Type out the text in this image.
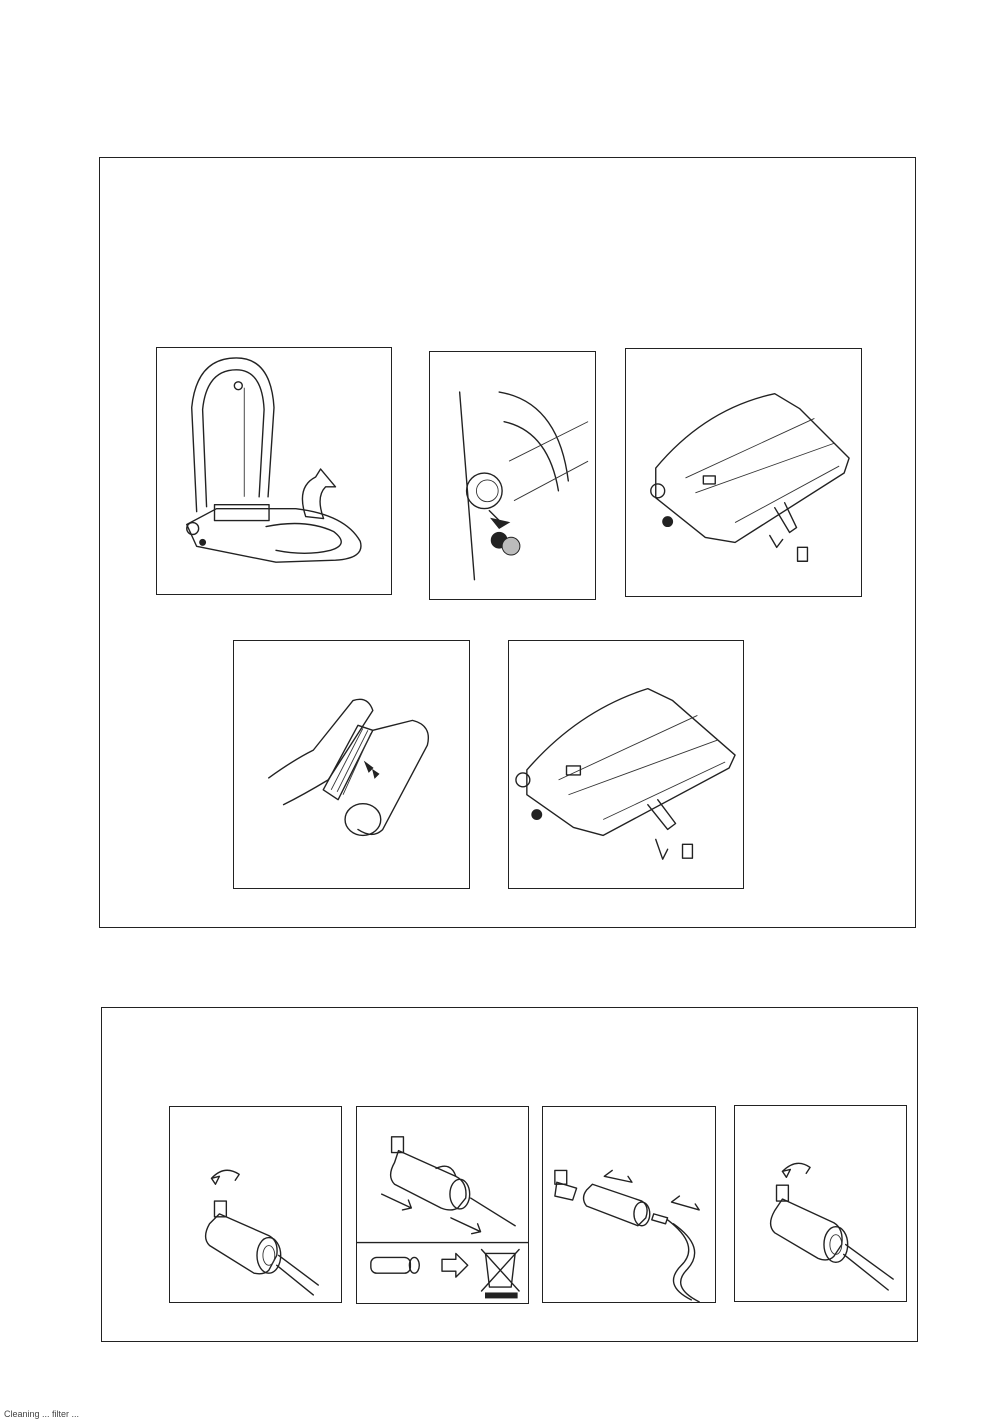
Cleaning ... filter ...
